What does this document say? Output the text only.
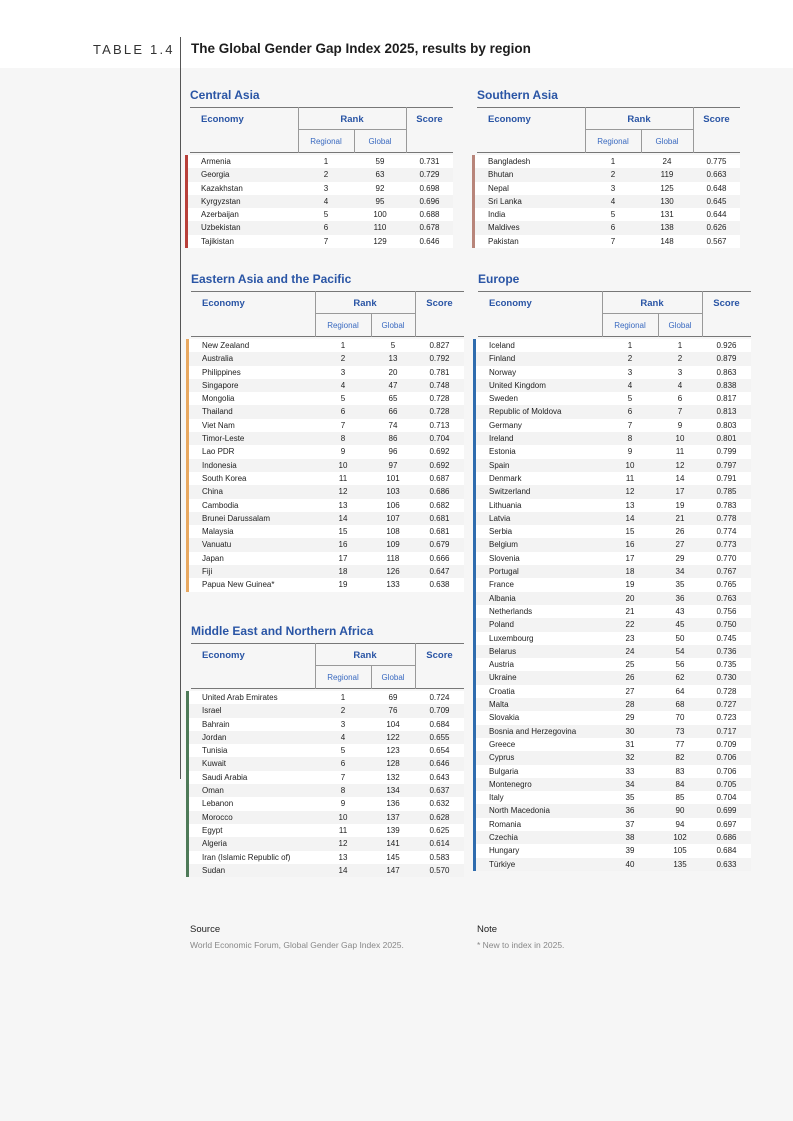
TABLE 1.4 The Global Gender Gap Index 2025, results by region
Central Asia
Economy	Rank	Score
Regional	Global
Armenia	1	59	0.731
Georgia	2	63	0.729
Kazakhstan	3	92	0.698
Kyrgyzstan	4	95	0.696
Azerbaijan	5	100	0.688
Uzbekistan	6	110	0.678
Tajikistan	7	129	0.646
Southern Asia
Economy	Rank	Score
Regional	Global
Bangladesh	1	24	0.775
Bhutan	2	119	0.663
Nepal	3	125	0.648
Sri Lanka	4	130	0.645
India	5	131	0.644
Maldives	6	138	0.626
Pakistan	7	148	0.567
Eastern Asia and the Pacific
Economy	Rank	Score
Regional	Global
New Zealand	1	5	0.827
Australia	2	13	0.792
Philippines	3	20	0.781
Singapore	4	47	0.748
Mongolia	5	65	0.728
Thailand	6	66	0.728
Viet Nam	7	74	0.713
Timor-Leste	8	86	0.704
Lao PDR	9	96	0.692
Indonesia	10	97	0.692
South Korea	11	101	0.687
China	12	103	0.686
Cambodia	13	106	0.682
Brunei Darussalam	14	107	0.681
Malaysia	15	108	0.681
Vanuatu	16	109	0.679
Japan	17	118	0.666
Fiji	18	126	0.647
Papua New Guinea*	19	133	0.638
Europe
Economy	Rank	Score
Regional	Global
Iceland	1	1	0.926
Finland	2	2	0.879
Norway	3	3	0.863
United Kingdom	4	4	0.838
Sweden	5	6	0.817
Republic of Moldova	6	7	0.813
Germany	7	9	0.803
Ireland	8	10	0.801
Estonia	9	11	0.799
Spain	10	12	0.797
Denmark	11	14	0.791
Switzerland	12	17	0.785
Lithuania	13	19	0.783
Latvia	14	21	0.778
Serbia	15	26	0.774
Belgium	16	27	0.773
Slovenia	17	29	0.770
Portugal	18	34	0.767
France	19	35	0.765
Albania	20	36	0.763
Netherlands	21	43	0.756
Poland	22	45	0.750
Luxembourg	23	50	0.745
Belarus	24	54	0.736
Austria	25	56	0.735
Ukraine	26	62	0.730
Croatia	27	64	0.728
Malta	28	68	0.727
Slovakia	29	70	0.723
Bosnia and Herzegovina	30	73	0.717
Greece	31	77	0.709
Cyprus	32	82	0.706
Bulgaria	33	83	0.706
Montenegro	34	84	0.705
Italy	35	85	0.704
North Macedonia	36	90	0.699
Romania	37	94	0.697
Czechia	38	102	0.686
Hungary	39	105	0.684
Türkiye	40	135	0.633
Middle East and Northern Africa
Economy	Rank	Score
Regional	Global
United Arab Emirates	1	69	0.724
Israel	2	76	0.709
Bahrain	3	104	0.684
Jordan	4	122	0.655
Tunisia	5	123	0.654
Kuwait	6	128	0.646
Saudi Arabia	7	132	0.643
Oman	8	134	0.637
Lebanon	9	136	0.632
Morocco	10	137	0.628
Egypt	11	139	0.625
Algeria	12	141	0.614
Iran (Islamic Republic of)	13	145	0.583
Sudan	14	147	0.570
Source
World Economic Forum, Global Gender Gap Index 2025.
Note
* New to index in 2025.
